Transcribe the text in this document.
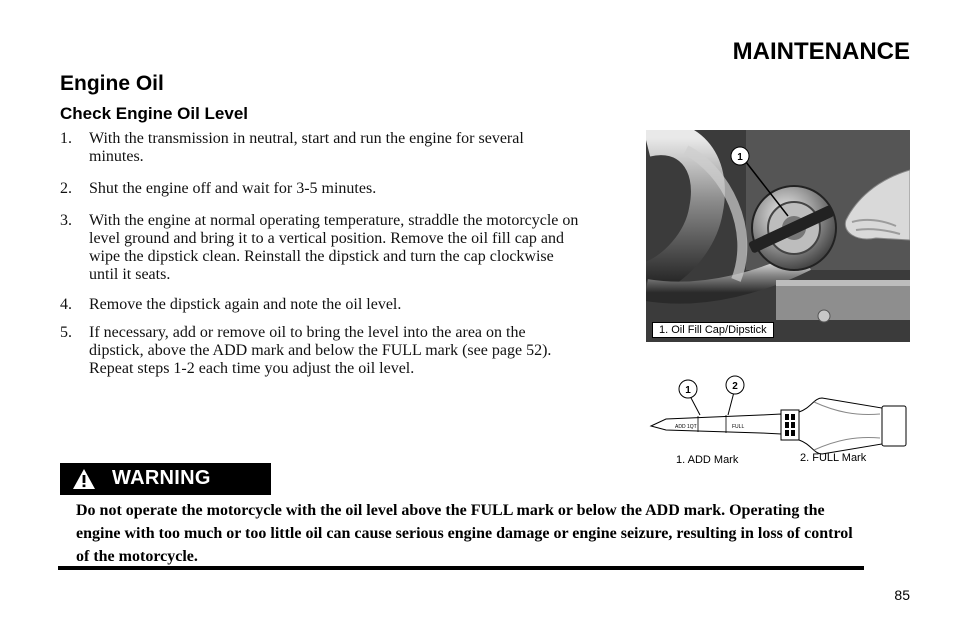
MAINTENANCE
Engine Oil
Check Engine Oil Level
1. With the transmission in neutral, start and run the engine for several minutes.
2. Shut the engine off and wait for 3-5 minutes.
3. With the engine at normal operating temperature, straddle the motorcycle on level ground and bring it to a vertical position. Remove the oil fill cap and wipe the dipstick clean. Reinstall the dipstick and turn the cap clockwise until it seats.
4. Remove the dipstick again and note the oil level.
5. If necessary, add or remove oil to bring the level into the area on the dipstick, above the ADD mark and below the FULL mark (see page 52). Repeat steps 1-2 each time you adjust the oil level.
1
1. Oil Fill Cap/Dipstick
ADD 1QT	FULL
1	2
1. ADD Mark	2. FULL Mark
WARNING
Do not operate the motorcycle with the oil level above the FULL mark or below the ADD mark. Operating the engine with too much or too little oil can cause serious engine damage or engine seizure, resulting in loss of control of the motorcycle.
85
